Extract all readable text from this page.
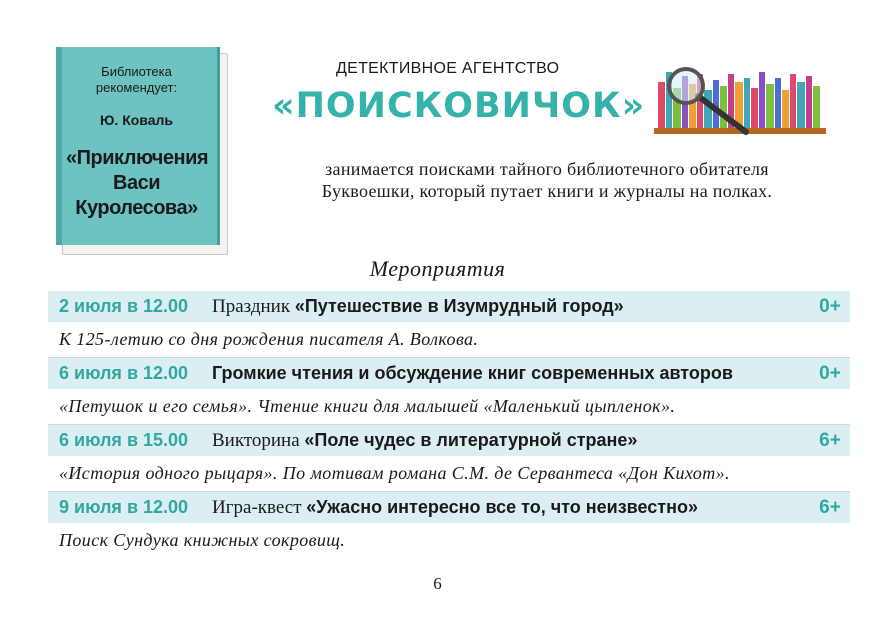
Библиотека рекомендует:
Ю. Коваль
«Приключения Васи Куролесова»
ДЕТЕКТИВНОЕ АГЕНТСТВО
«ПОИСКОВИЧОК»
занимается поисками тайного библиотечного обитателя Буквоешки, который путает книги и журналы на полках.
Мероприятия
2 июля в 12.00	Праздник «Путешествие в Изумрудный город»	0+
К 125-летию со дня рождения писателя А. Волкова.
6 июля в 12.00	Громкие чтения и обсуждение книг современных авторов	0+
«Петушок и его семья». Чтение книги для малышей «Маленький цыпленок».
6 июля в 15.00	Викторина «Поле чудес в литературной стране»	6+
«История одного рыцаря». По мотивам романа С.М. де Сервантеса «Дон Кихот».
9 июля в 12.00	Игра-квест «Ужасно интересно все то, что неизвестно»	6+
Поиск Сундука книжных сокровищ.
6
